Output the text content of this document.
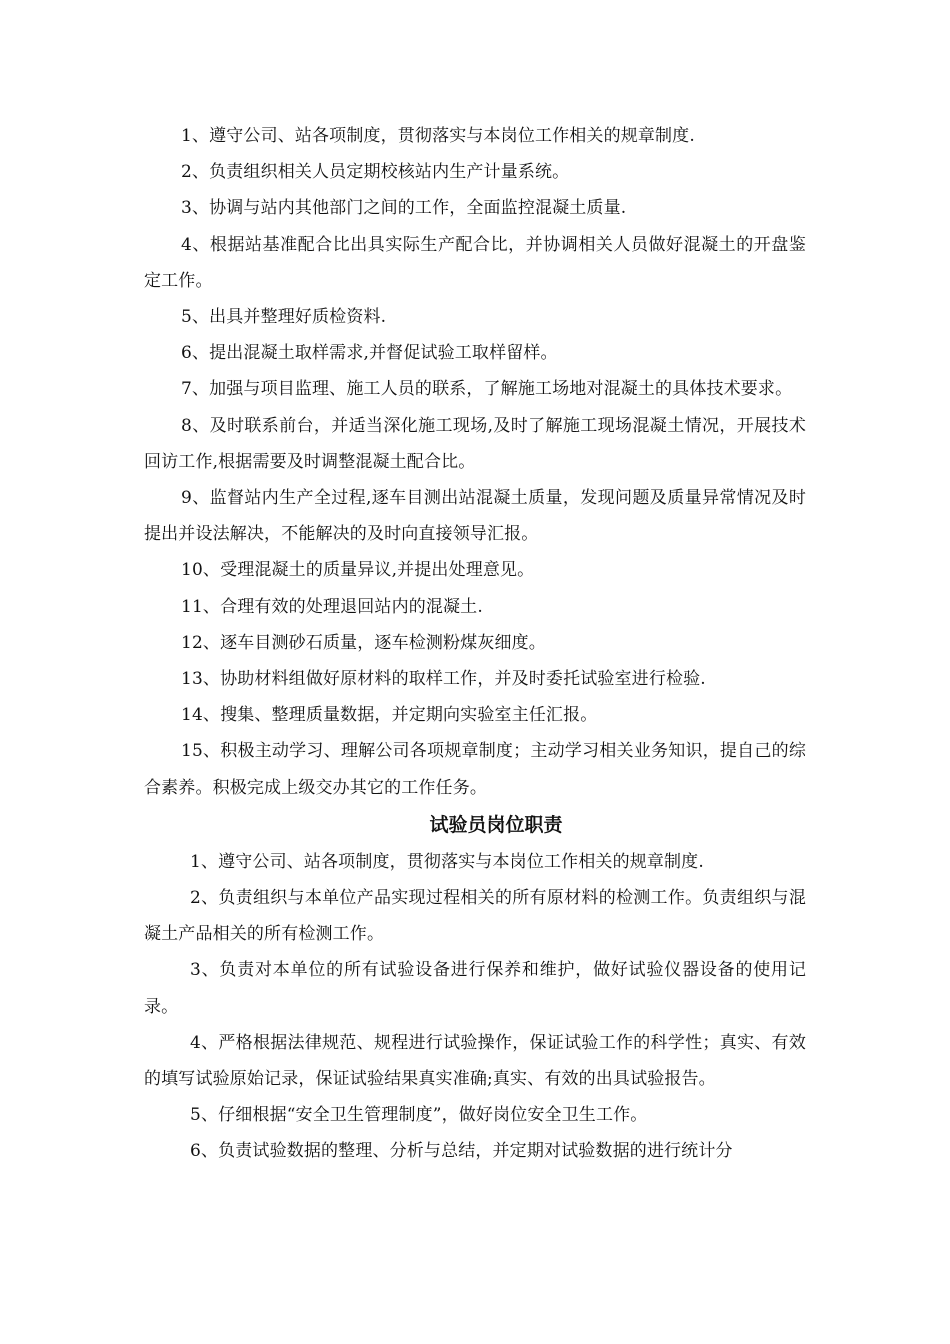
1、遵守公司、站各项制度，贯彻落实与本岗位工作相关的规章制度.

2、负责组织相关人员定期校核站内生产计量系统。

3、协调与站内其他部门之间的工作，全面监控混凝土质量.

4、根据站基准配合比出具实际生产配合比，并协调相关人员做好混凝土的开盘鉴定工作。

5、出具并整理好质检资料.

6、提出混凝土取样需求,并督促试验工取样留样。

7、加强与项目监理、施工人员的联系，了解施工场地对混凝土的具体技术要求。

8、及时联系前台，并适当深化施工现场,及时了解施工现场混凝土情况，开展技术回访工作,根据需要及时调整混凝土配合比。

9、监督站内生产全过程,逐车目测出站混凝土质量，发现问题及质量异常情况及时提出并设法解决，不能解决的及时向直接领导汇报。

10、受理混凝土的质量异议,并提出处理意见。

11、合理有效的处理退回站内的混凝土.

12、逐车目测砂石质量，逐车检测粉煤灰细度。

13、协助材料组做好原材料的取样工作，并及时委托试验室进行检验.

14、搜集、整理质量数据，并定期向实验室主任汇报。

15、积极主动学习、理解公司各项规章制度；主动学习相关业务知识，提自己的综合素养。积极完成上级交办其它的工作任务。

试验员岗位职责

1、遵守公司、站各项制度，贯彻落实与本岗位工作相关的规章制度.

2、负责组织与本单位产品实现过程相关的所有原材料的检测工作。负责组织与混凝土产品相关的所有检测工作。

3、负责对本单位的所有试验设备进行保养和维护，做好试验仪器设备的使用记录。

4、严格根据法律规范、规程进行试验操作，保证试验工作的科学性；真实、有效的填写试验原始记录，保证试验结果真实准确;真实、有效的出具试验报告。

5、仔细根据“安全卫生管理制度”，做好岗位安全卫生工作。

6、负责试验数据的整理、分析与总结，并定期对试验数据的进行统计分
